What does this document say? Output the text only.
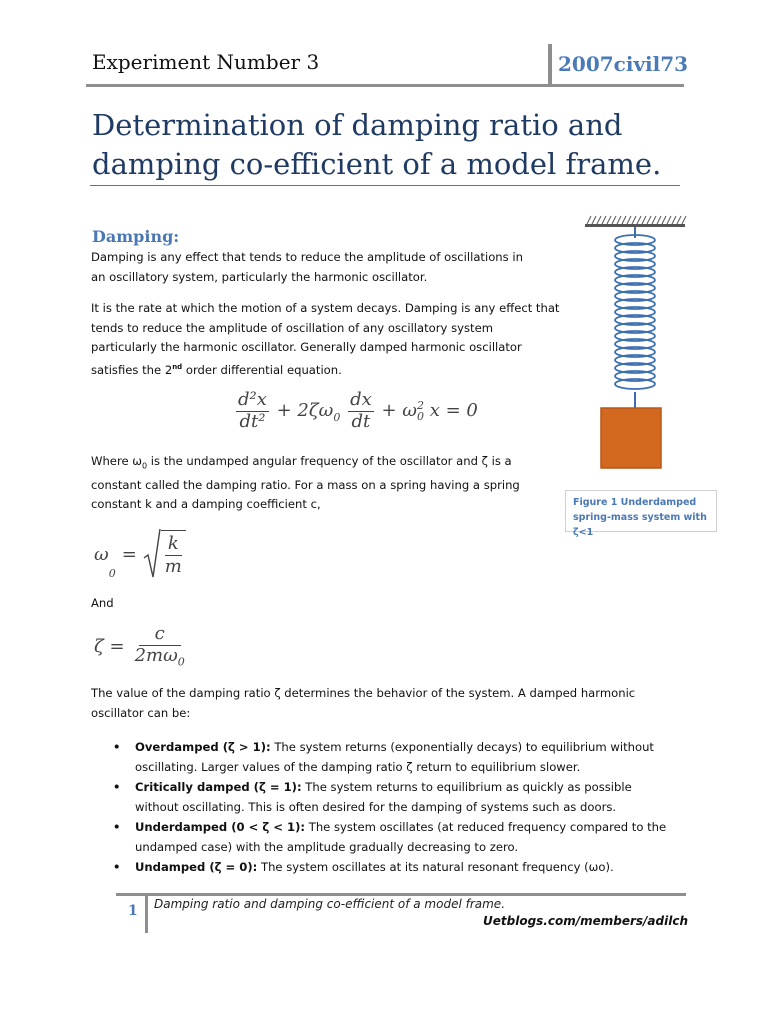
Experiment Number 3	2007civil73
Determination of damping ratio and damping co-efficient of a model frame.
Damping:
Damping is any effect that tends to reduce the amplitude of oscillations in an oscillatory system, particularly the harmonic oscillator.
It is the rate at which the motion of a system decays. Damping is any effect that tends to reduce the amplitude of oscillation of any oscillatory system particularly the harmonic oscillator. Generally damped harmonic oscillator satisfies the 2nd order differential equation.
$\frac{\text{d²x}}{\text{dt²}} + 2\zeta\omega_0 \frac{dx}{dt} + \omega$ 2
0 x = 0
Where $\omega_0$ is the undamped angular frequency of the oscillator and ζ is a constant called the damping ratio. For a mass on a spring having a spring constant k and a damping coefficient c,
ω
0
= $\frac{k}{m}$
And
$\zeta = \frac{c}{2m\omega_0}$
The value of the damping ratio ζ determines the behavior of the system. A damped harmonic oscillator can be:
• Overdamped (ζ > 1): The system returns (exponentially decays) to equilibrium without oscillating. Larger values of the damping ratio ζ return to equilibrium slower.
• Critically damped (ζ = 1): The system returns to equilibrium as quickly as possible without oscillating. This is often desired for the damping of systems such as doors.
• Underdamped (0 < ζ < 1): The system oscillates (at reduced frequency compared to the undamped case) with the amplitude gradually decreasing to zero.
• Undamped (ζ = 0): The system oscillates at its natural resonant frequency (ωo).
Figure 1 Underdamped spring-mass system with ζ<1
1 Damping ratio and damping co-efficient of a model frame.
Uetblogs.com/members/adilch
